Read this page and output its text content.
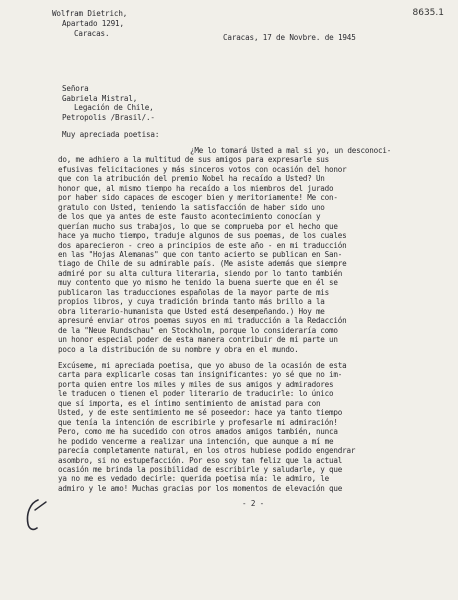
8635.1
Wolfram Dietrich,
Apartado 1291,
Caracas.	Caracas, 17 de Novbre. de 1945
Señora
Gabriela Mistral,
Legación de Chile,
Petropolis /Brasil/.-
Muy apreciada poetisa:
¿Me lo tomará Usted a mal si yo, un desconoci-
do, me adhiero a la multitud de sus amigos para expresarle sus
efusivas felicitaciones y más sinceros votos con ocasión del honor
que con la atribución del premio Nobel ha recaído a Usted? Un
honor que, al mismo tiempo ha recaído a los miembros del jurado
por haber sido capaces de escoger bien y meritoriamente! Me con-
gratulo con Usted, teniendo la satisfacción de haber sido uno
de los que ya antes de este fausto acontecimiento conocían y
querían mucho sus trabajos, lo que se comprueba por el hecho que
hace ya mucho tiempo, traduje algunos de sus poemas, de los cuales
dos aparecieron - creo a principios de este año - en mi traducción
en las "Hojas Alemanas" que con tanto acierto se publican en San-
tiago de Chile de su admirable país. (Me asiste además que siempre
admiré por su alta cultura literaria, siendo por lo tanto también
muy contento que yo mismo he tenido la buena suerte que en él se
publicaron las traducciones españolas de la mayor parte de mis
propios libros, y cuya tradición brinda tanto más brillo a la
obra literario-humanista que Usted está desempeñando.) Hoy me
apresuré enviar otros poemas suyos en mi traducción a la Redacción
de la "Neue Rundschau" en Stockholm, porque lo consideraría como
un honor especial poder de esta manera contribuir de mi parte un
poco a la distribución de su nombre y obra en el mundo.
Excúseme, mi apreciada poetisa, que yo abuso de la ocasión de esta
carta para explicarle cosas tan insignificantes: yo sé que no im-
porta quien entre los miles y miles de sus amigos y admiradores
le traducen o tienen el poder literario de traducirle: lo único
que sí importa, es el íntimo sentimiento de amistad para con
Usted, y de este sentimiento me sé poseedor: hace ya tanto tiempo
que tenía la intención de escribirle y profesarle mi admiración!
Pero, como me ha sucedido con otros amados amigos también, nunca
he podido vencerme a realizar una intención, que aunque a mí me
parecía completamente natural, en los otros hubiese podido engendrar
asombro, si no estupefacción. Por eso soy tan feliz que la actual
ocasión me brinda la posibilidad de escribirle y saludarle, y que
ya no me es vedado decirle: querida poetisa mía: le admiro, le
admiro y le amo! Muchas gracias por los momentos de elevación que
- 2 -
